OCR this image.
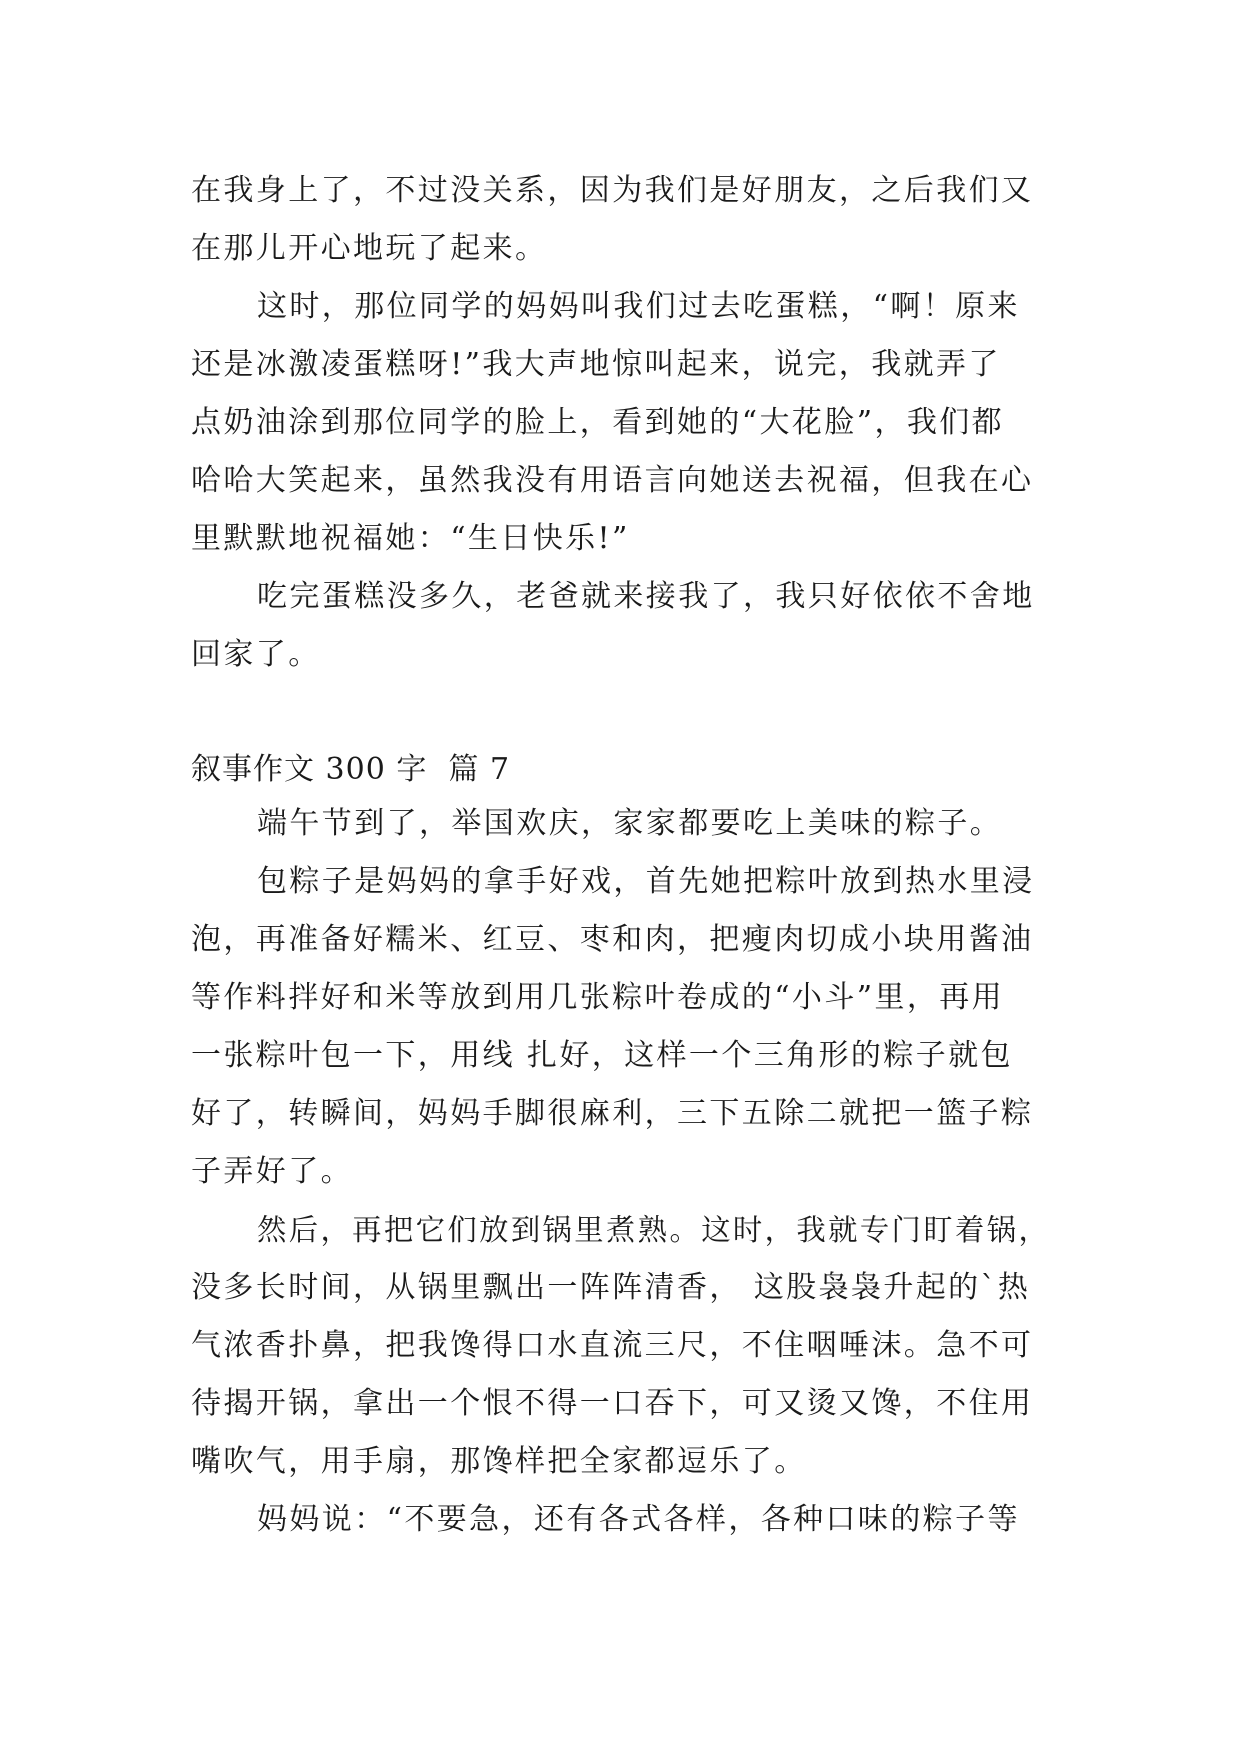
在我身上了，不过没关系，因为我们是好朋友，之后我们又
在那儿开心地玩了起来。

这时，那位同学的妈妈叫我们过去吃蛋糕，“啊！原来
还是冰激凌蛋糕呀!”我大声地惊叫起来，说完，我就弄了
点奶油涂到那位同学的脸上，看到她的“大花脸”，我们都
哈哈大笑起来，虽然我没有用语言向她送去祝福，但我在心
里默默地祝福她：“生日快乐!”

吃完蛋糕没多久，老爸就来接我了，我只好依依不舍地
回家了。

叙事作文 300 字  篇 7

端午节到了，举国欢庆，家家都要吃上美味的粽子。

包粽子是妈妈的拿手好戏，首先她把粽叶放到热水里浸
泡，再准备好糯米、红豆、枣和肉，把瘦肉切成小块用酱油
等作料拌好和米等放到用几张粽叶卷成的“小斗”里，再用
一张粽叶包一下，用线 扎好，这样一个三角形的粽子就包
好了，转瞬间，妈妈手脚很麻利，三下五除二就把一篮子粽
子弄好了。

然后，再把它们放到锅里煮熟。这时，我就专门盯着锅，
没多长时间，从锅里飘出一阵阵清香， 这股袅袅升起的`热
气浓香扑鼻，把我馋得口水直流三尺，不住咽唾沫。急不可
待揭开锅，拿出一个恨不得一口吞下，可又烫又馋，不住用
嘴吹气，用手扇，那馋样把全家都逗乐了。

妈妈说：“不要急，还有各式各样，各种口味的粽子等
